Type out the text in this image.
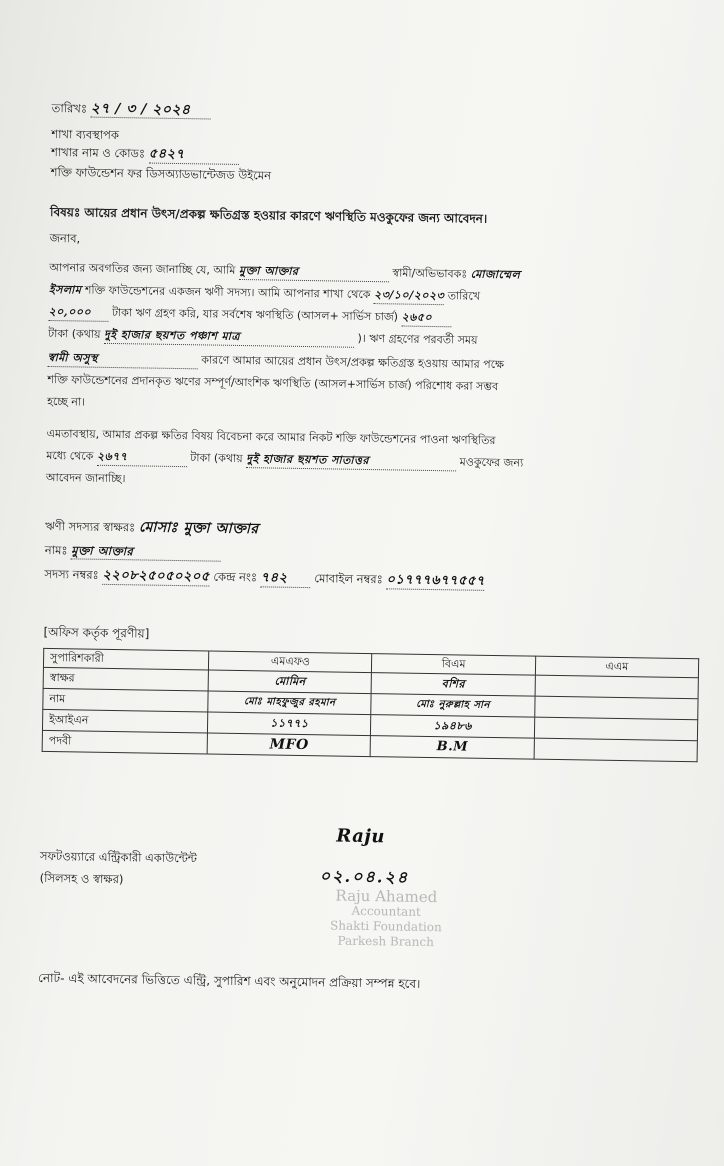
তারিখঃ ২৭ / ৩ / ২০২৪
শাখা ব্যবস্থাপক
শাখার নাম ও কোডঃ ৫৪২৭
শক্তি ফাউন্ডেশন ফর ডিসঅ্যাডভান্টেজড উইমেন
বিষয়ঃ আয়ের প্রধান উৎস/প্রকল্প ক্ষতিগ্রস্ত হওয়ার কারণে ঋণস্থিতি মওকুফের জন্য আবেদন।
জনাব,
আপনার অবগতির জন্য জানাচ্ছি যে, আমি মুক্তা আক্তার	স্বামী/অভিভাবকঃ মোজাম্মেল
ইসলাম শক্তি ফাউন্ডেশনের একজন ঋণী সদস্য। আমি আপনার শাখা থেকে ২৩/১০/২০২৩ তারিখে
২০,০০০ টাকা ঋণ গ্রহণ করি, যার সর্বশেষ ঋণস্থিতি (আসল+ সার্ভিস চার্জ) ২৬৫০
টাকা (কথায় দুই হাজার ছয়শত পঞ্চাশ মাত্র	)। ঋণ গ্রহণের পরবর্তী সময়
স্বামী অসুস্থ	কারণে আমার আয়ের প্রধান উৎস/প্রকল্প ক্ষতিগ্রস্ত হওয়ায় আমার পক্ষে
শক্তি ফাউন্ডেশনের প্রদানকৃত ঋণের সম্পূর্ণ/আংশিক ঋণস্থিতি (আসল+সার্ভিস চার্জ) পরিশোধ করা সম্ভব
হচ্ছে না।
এমতাবস্থায়, আমার প্রকল্প ক্ষতির বিষয় বিবেচনা করে আমার নিকট শক্তি ফাউন্ডেশনের পাওনা ঋণস্থিতির
মধ্যে থেকে ২৬৭৭	টাকা (কথায় দুই হাজার ছয়শত সাতাত্তর	মওকুফের জন্য
আবেদন জানাচ্ছি।
ঋণী সদস্যর স্বাক্ষরঃ মোসাঃ মুক্তা আক্তার
নামঃ মুক্তা আক্তার
সদস্য নম্বরঃ ২২০৮২৫০৫০২০৫ কেন্দ্র নংঃ ৭৪২ মোবাইল নম্বরঃ ০১৭৭৭৬৭৭৫৫৭
[অফিস কর্তৃক পূরণীয়]
সুপারিশকারী	এমএফও	বিএম	এএম
স্বাক্ষর	মোমিন	বশির	
নাম	মোঃ মাহফুজুর রহমান	মোঃ নুরুল্লাহ সান	
ইআইএন	১১৭৭১	১৯৪৮৬	
পদবী	MFO	B.M	
সফটওয়্যারে এন্ট্রিকারী একাউন্টেন্ট
(সিলসহ ও স্বাক্ষর)
Raju
০২.০৪.২৪
Raju Ahamed
Accountant
Shakti Foundation
Parkesh Branch
নোট- এই আবেদনের ভিত্তিতে এন্ট্রি, সুপারিশ এবং অনুমোদন প্রক্রিয়া সম্পন্ন হবে।
